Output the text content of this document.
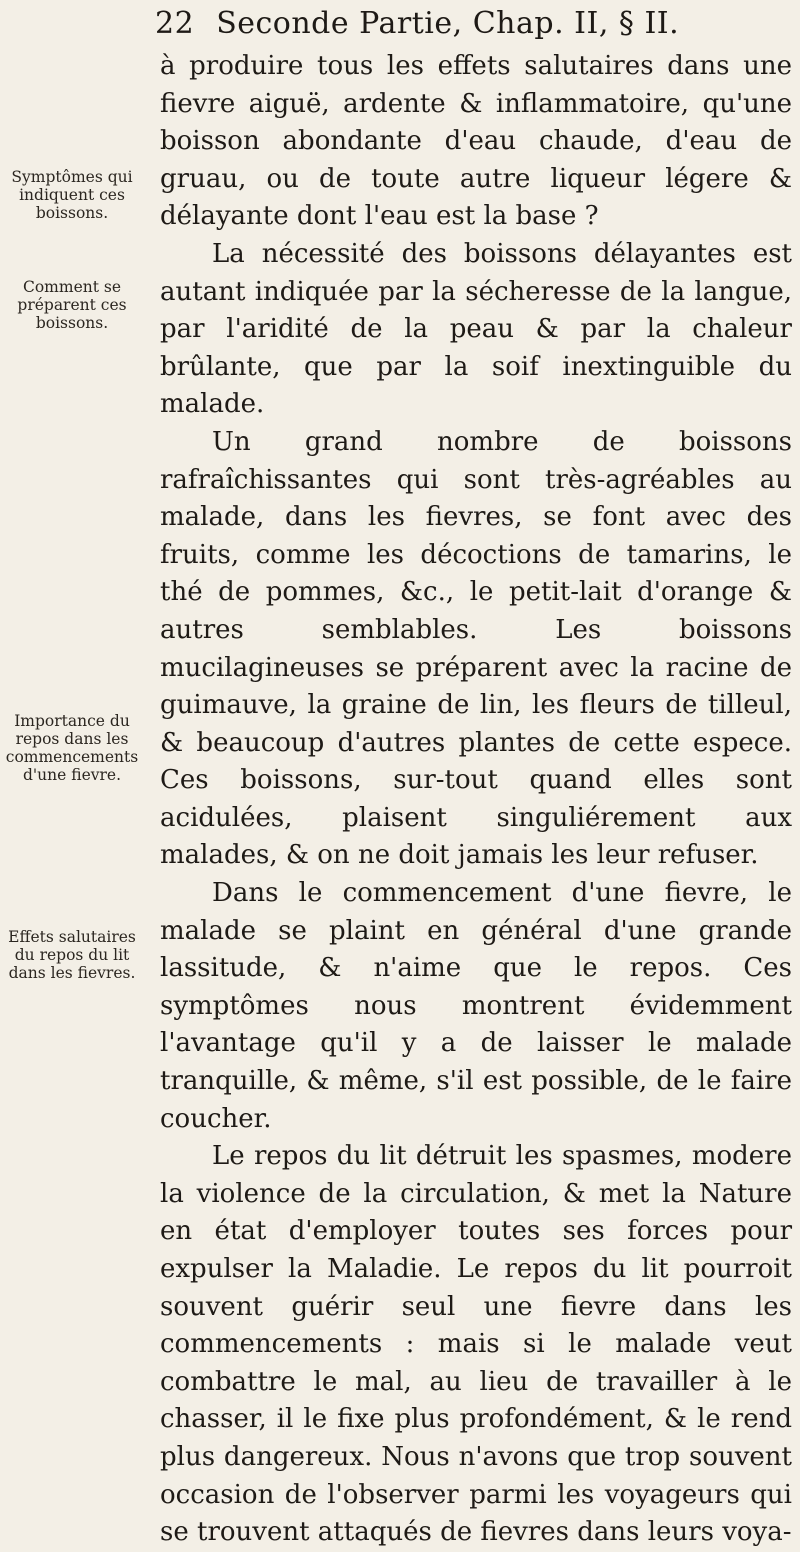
22 Seconde Partie, Chap. II, § II.
Symptômes qui indiquent ces boissons.
Comment se préparent ces boissons.
Importance du repos dans les commencements d'une fievre.
Effets salutaires du repos du lit dans les fievres.

à produire tous les effets salutaires dans une fievre aiguë, ardente & inflammatoire, qu'une boisson abondante d'eau chaude, d'eau de gruau, ou de toute autre liqueur légere & délayante dont l'eau est la base ?

La nécessité des boissons délayantes est autant indiquée par la sécheresse de la langue, par l'aridité de la peau & par la chaleur brûlante, que par la soif inextinguible du malade.

Un grand nombre de boissons rafraîchissantes qui sont très-agréables au malade, dans les fievres, se font avec des fruits, comme les décoctions de tamarins, le thé de pommes, &c., le petit-lait d'orange & autres semblables. Les boissons mucilagineuses se préparent avec la racine de guimauve, la graine de lin, les fleurs de tilleul, & beaucoup d'autres plantes de cette espece. Ces boissons, sur-tout quand elles sont acidulées, plaisent singuliérement aux malades, & on ne doit jamais les leur refuser.

Dans le commencement d'une fievre, le malade se plaint en général d'une grande lassitude, & n'aime que le repos. Ces symptômes nous montrent évidemment l'avantage qu'il y a de laisser le malade tranquille, & même, s'il est possible, de le faire coucher.

Le repos du lit détruit les spasmes, modere la violence de la circulation, & met la Nature en état d'employer toutes ses forces pour expulser la Maladie. Le repos du lit pourroit souvent guérir seul une fievre dans les commencements : mais si le malade veut combattre le mal, au lieu de travailler à le chasser, il le fixe plus profondément, & le rend plus dangereux. Nous n'avons que trop souvent occasion de l'observer parmi les voyageurs qui se trouvent attaqués de fievres dans leurs voya-
